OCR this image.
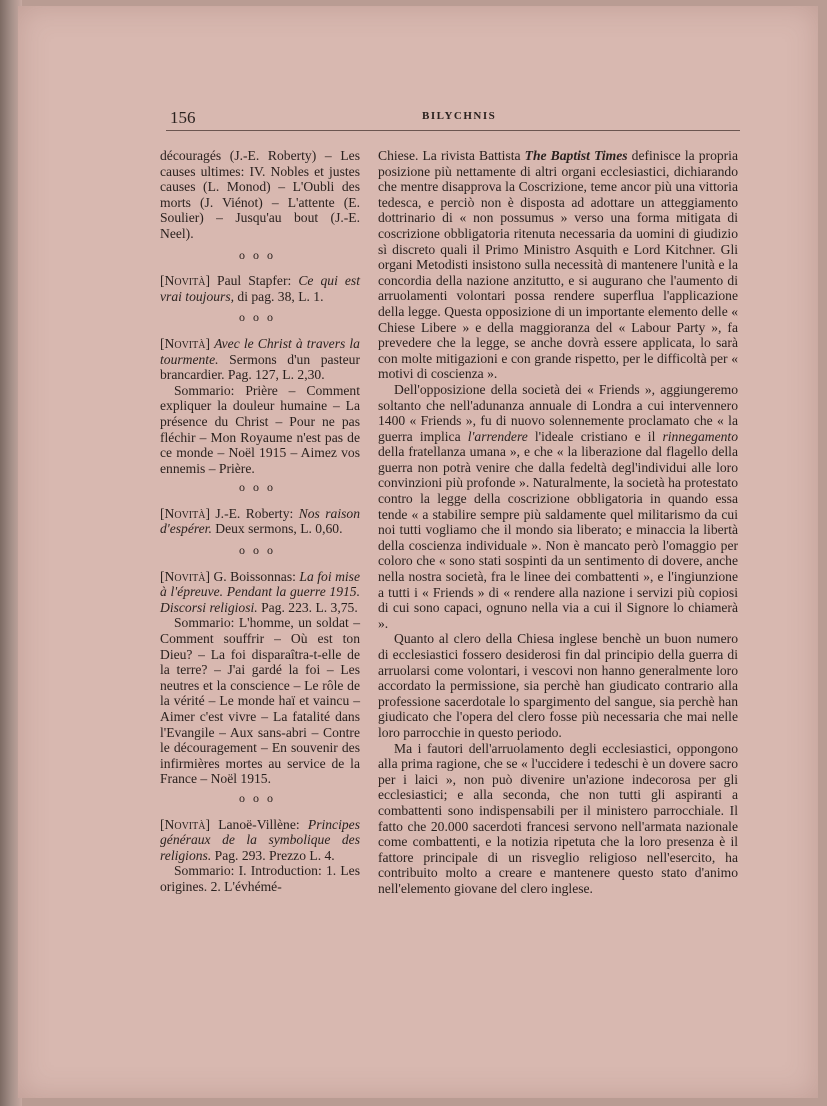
156	BILYCHNIS

découragés (J.-E. Roberty) – Les causes ultimes: IV. Nobles et justes causes (L. Monod) – L'Oubli des morts (J. Viénot) – L'attente (E. Soulier) – Jusqu'au bout (J.-E. Neel).

ooo

[Novità] Paul Stapfer: Ce qui est vrai toujours, di pag. 38, L. 1.

ooo

[Novità] Avec le Christ à travers la tourmente. Sermons d'un pasteur brancardier. Pag. 127, L. 2,30.

Sommario: Prière – Comment expliquer la douleur humaine – La présence du Christ – Pour ne pas fléchir – Mon Royaume n'est pas de ce monde – Noël 1915 – Aimez vos ennemis – Prière.

ooo

[Novità] J.-E. Roberty: Nos raison d'espérer. Deux sermons, L. 0,60.

ooo

[Novità] G. Boissonnas: La foi mise à l'épreuve. Pendant la guerre 1915. Discorsi religiosi. Pag. 223. L. 3,75.

Sommario: L'homme, un soldat – Comment souffrir – Où est ton Dieu? – La foi disparaîtra-t-elle de la terre? – J'ai gardé la foi – Les neutres et la conscience – Le rôle de la vérité – Le monde haï et vaincu – Aimer c'est vivre – La fatalité dans l'Evangile – Aux sans-abri – Contre le découragement – En souvenir des infirmières mortes au service de la France – Noël 1915.

ooo

[Novità] Lanoë-Villène: Principes généraux de la symbolique des religions. Pag. 293. Prezzo L. 4.

Sommario: I. Introduction: 1. Les origines. 2. L'évhémé-

Chiese. La rivista Battista The Baptist Times definisce la propria posizione più nettamente di altri organi ecclesiastici, dichiarando che mentre disapprova la Coscrizione, teme ancor più una vittoria tedesca, e perciò non è disposta ad adottare un atteggiamento dottrinario di « non possumus » verso una forma mitigata di coscrizione obbligatoria ritenuta necessaria da uomini di giudizio sì discreto quali il Primo Ministro Asquith e Lord Kitchner. Gli organi Metodisti insistono sulla necessità di mantenere l'unità e la concordia della nazione anzitutto, e si augurano che l'aumento di arruolamenti volontari possa rendere superflua l'applicazione della legge. Questa opposizione di un importante elemento delle « Chiese Libere » e della maggioranza del « Labour Party », fa prevedere che la legge, se anche dovrà essere applicata, lo sarà con molte mitigazioni e con grande rispetto, per le difficoltà per « motivi di coscienza ».

Dell'opposizione della società dei « Friends », aggiungeremo soltanto che nell'adunanza annuale di Londra a cui intervennero 1400 « Friends », fu di nuovo solennemente proclamato che « la guerra implica l'arrendere l'ideale cristiano e il rinnegamento della fratellanza umana », e che « la liberazione dal flagello della guerra non potrà venire che dalla fedeltà degl'individui alle loro convinzioni più profonde ». Naturalmente, la società ha protestato contro la legge della coscrizione obbligatoria in quando essa tende « a stabilire sempre più saldamente quel militarismo da cui noi tutti vogliamo che il mondo sia liberato; e minaccia la libertà della coscienza individuale ». Non è mancato però l'omaggio per coloro che « sono stati sospinti da un sentimento di dovere, anche nella nostra società, fra le linee dei combattenti », e l'ingiunzione a tutti i « Friends » di « rendere alla nazione i servizi più copiosi di cui sono capaci, ognuno nella via a cui il Signore lo chiamerà ».

Quanto al clero della Chiesa inglese benchè un buon numero di ecclesiastici fossero desiderosi fin dal principio della guerra di arruolarsi come volontari, i vescovi non hanno generalmente loro accordato la permissione, sia perchè han giudicato contrario alla professione sacerdotale lo spargimento del sangue, sia perchè han giudicato che l'opera del clero fosse più necessaria che mai nelle loro parrocchie in questo periodo.

Ma i fautori dell'arruolamento degli ecclesiastici, oppongono alla prima ragione, che se « l'uccidere i tedeschi è un dovere sacro per i laici », non può divenire un'azione indecorosa per gli ecclesiastici; e alla seconda, che non tutti gli aspiranti a combattenti sono indispensabili per il ministero parrocchiale. Il fatto che 20.000 sacerdoti francesi servono nell'armata nazionale come combattenti, e la notizia ripetuta che la loro presenza è il fattore principale di un risveglio religioso nell'esercito, ha contribuito molto a creare e mantenere questo stato d'animo nell'elemento giovane del clero inglese.
